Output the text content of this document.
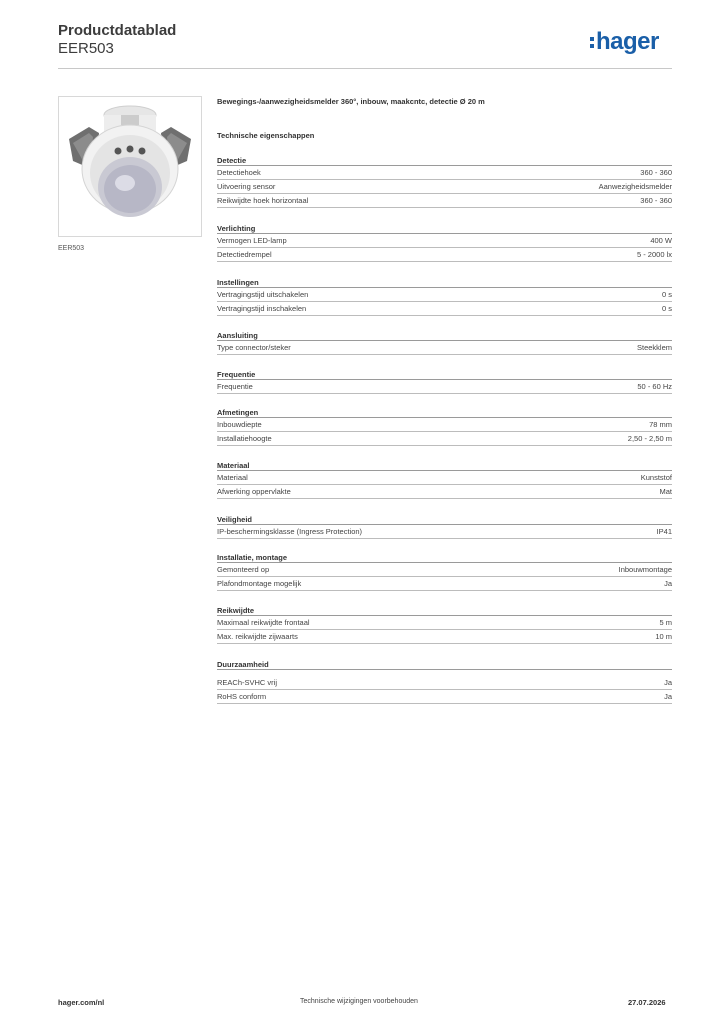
Productdatablad
EER503	hager
EER503
Bewegings-/aanwezigheidsmelder 360°, inbouw, maakcntc, detectie Ø 20 m
Technische eigenschappen
Detectie
Detectiehoek	360 - 360
Uitvoering sensor	Aanwezigheidsmelder
Reikwijdte hoek horizontaal	360 - 360
Verlichting
Vermogen LED-lamp	400 W
Detectiedrempel	5 - 2000 lx
Instellingen
Vertragingstijd uitschakelen	0 s
Vertragingstijd inschakelen	0 s
Aansluiting
Type connector/steker	Steekklem
Frequentie
Frequentie	50 - 60 Hz
Afmetingen
Inbouwdiepte	78 mm
Installatiehoogte	2,50 - 2,50 m
Materiaal
Materiaal	Kunststof
Afwerking oppervlakte	Mat
Veiligheid
IP-beschermingsklasse (Ingress Protection)	IP41
Installatie, montage
Gemonteerd op	Inbouwmontage
Plafondmontage mogelijk	Ja
Reikwijdte
Maximaal reikwijdte frontaal	5 m
Max. reikwijdte zijwaarts	10 m
Duurzaamheid
REACh-SVHC vrij	Ja
RoHS conform	Ja
hager.com/nl	Technische wijzigingen voorbehouden	27.07.2026
